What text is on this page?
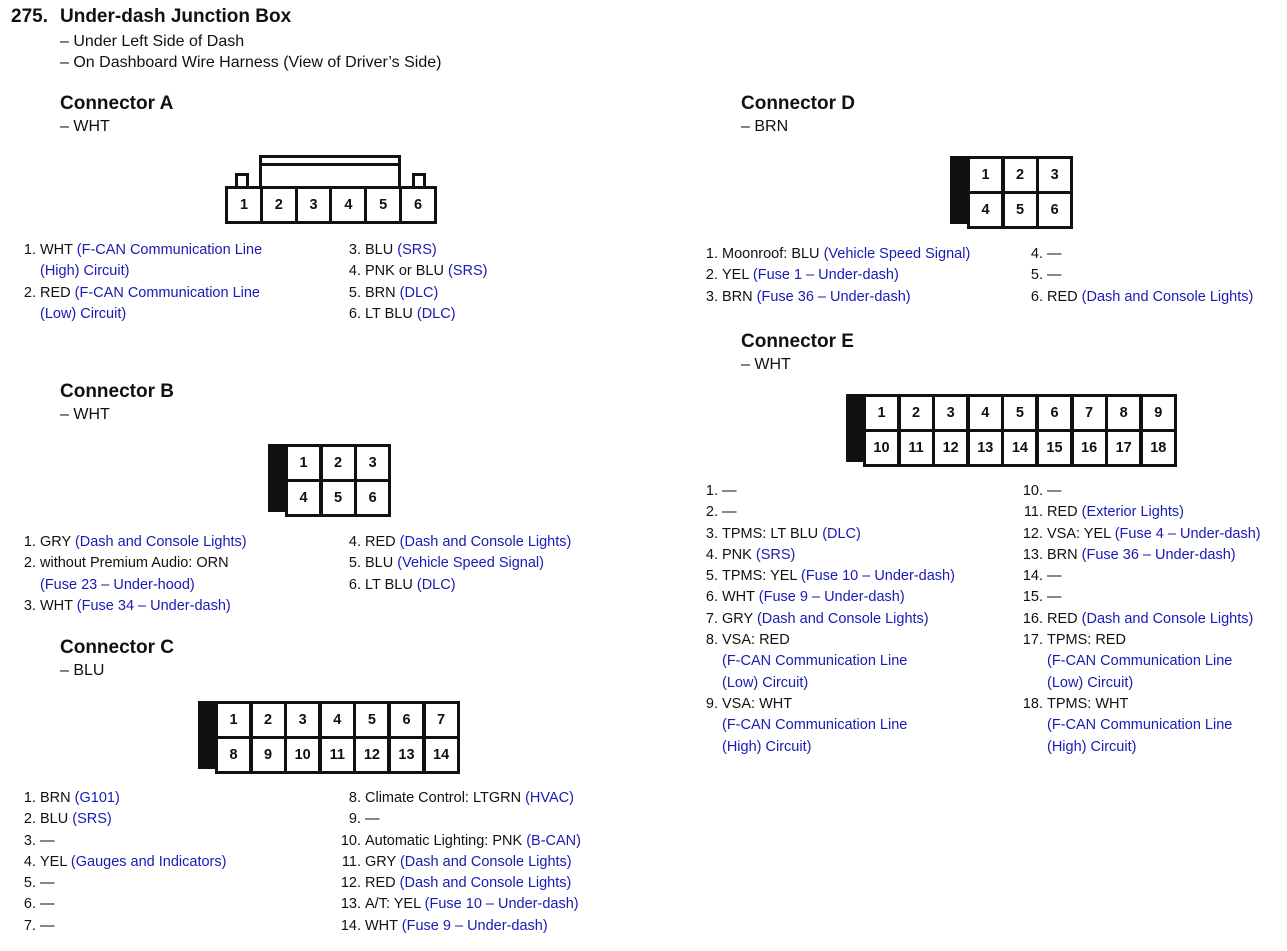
275. Under-dash Junction Box
– Under Left Side of Dash
– On Dashboard Wire Harness (View of Driver’s Side)
Connector A
– WHT
1	2	3	4	5	6
1. WHT (F-CAN Communication Line
(High) Circuit)
2. RED (F-CAN Communication Line
(Low) Circuit)
3. BLU (SRS)
4. PNK or BLU (SRS)
5. BRN (DLC)
6. LT BLU (DLC)
Connector B
– WHT
1	2	3
4	5	6
1. GRY (Dash and Console Lights)
2. without Premium Audio: ORN
(Fuse 23 – Under-hood)
3. WHT (Fuse 34 – Under-dash)
4. RED (Dash and Console Lights)
5. BLU (Vehicle Speed Signal)
6. LT BLU (DLC)
Connector C
– BLU
1	2	3	4	5	6	7
8	9	10	11	12	13	14
1. BRN (G101)
2. BLU (SRS)
3. —
4. YEL (Gauges and Indicators)
5. —
6. —
7. —
8. Climate Control: LTGRN (HVAC)
9. —
10. Automatic Lighting: PNK (B-CAN)
11. GRY (Dash and Console Lights)
12. RED (Dash and Console Lights)
13. A/T: YEL (Fuse 10 – Under-dash)
14. WHT (Fuse 9 – Under-dash)
Connector D
– BRN
1	2	3
4	5	6
1. Moonroof: BLU (Vehicle Speed Signal)
2. YEL (Fuse 1 – Under-dash)
3. BRN (Fuse 36 – Under-dash)
4. —
5. —
6. RED (Dash and Console Lights)
Connector E
– WHT
1	2	3	4	5	6	7	8	9
10	11	12	13	14	15	16	17	18
1. —
2. —
3. TPMS: LT BLU (DLC)
4. PNK (SRS)
5. TPMS: YEL (Fuse 10 – Under-dash)
6. WHT (Fuse 9 – Under-dash)
7. GRY (Dash and Console Lights)
8. VSA: RED
(F-CAN Communication Line
(Low) Circuit)
9. VSA: WHT
(F-CAN Communication Line
(High) Circuit)
10. —
11. RED (Exterior Lights)
12. VSA: YEL (Fuse 4 – Under-dash)
13. BRN (Fuse 36 – Under-dash)
14. —
15. —
16. RED (Dash and Console Lights)
17. TPMS: RED
(F-CAN Communication Line
(Low) Circuit)
18. TPMS: WHT
(F-CAN Communication Line
(High) Circuit)
